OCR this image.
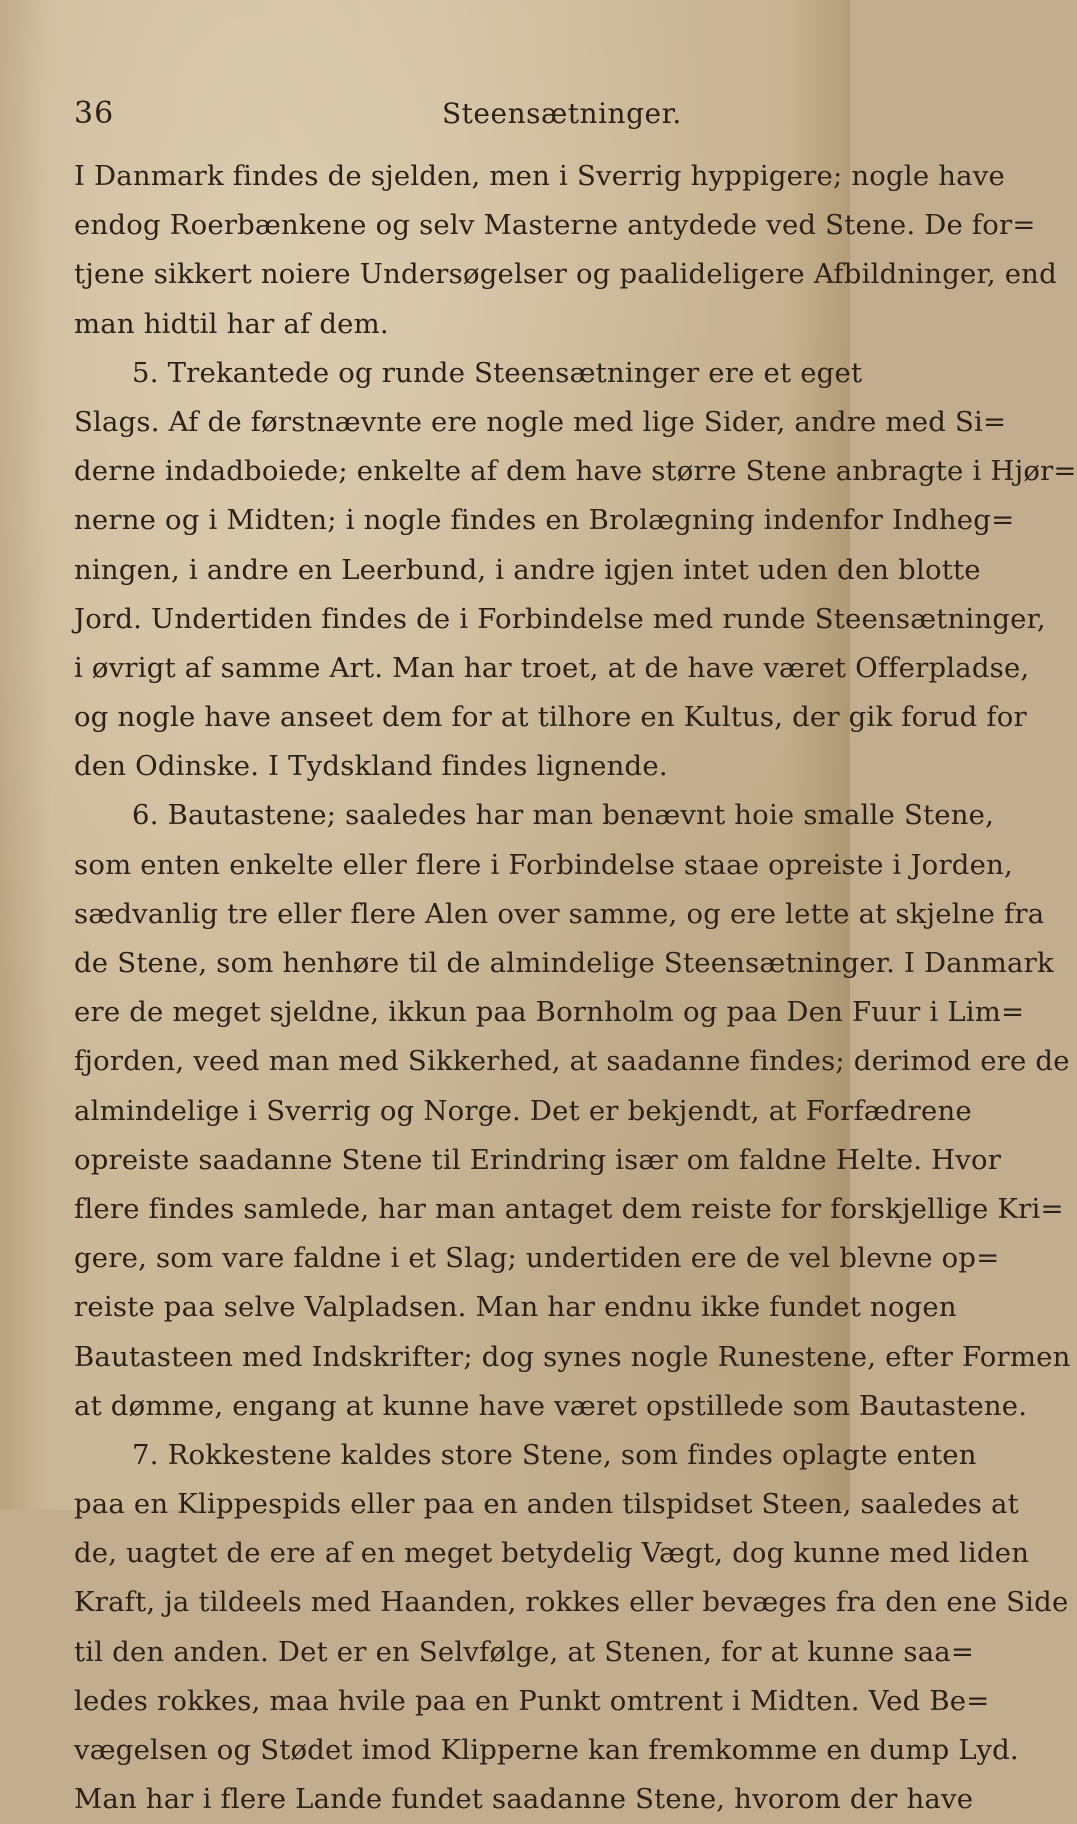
36	Steensætninger.
I Danmark findes de sjelden, men i Sverrig hyppigere; nogle have
endog Roerbænkene og selv Masterne antydede ved Stene. De for=
tjene sikkert noiere Undersøgelser og paalideligere Afbildninger, end
man hidtil har af dem.
5. Trekantede og runde Steensætninger ere et eget
Slags. Af de førstnævnte ere nogle med lige Sider, andre med Si=
derne indadboiede; enkelte af dem have større Stene anbragte i Hjør=
nerne og i Midten; i nogle findes en Brolægning indenfor Indheg=
ningen, i andre en Leerbund, i andre igjen intet uden den blotte
Jord. Undertiden findes de i Forbindelse med runde Steensætninger,
i øvrigt af samme Art. Man har troet, at de have været Offerpladse,
og nogle have anseet dem for at tilhore en Kultus, der gik forud for
den Odinske. I Tydskland findes lignende.
6. Bautastene; saaledes har man benævnt hoie smalle Stene,
som enten enkelte eller flere i Forbindelse staae opreiste i Jorden,
sædvanlig tre eller flere Alen over samme, og ere lette at skjelne fra
de Stene, som henhøre til de almindelige Steensætninger. I Danmark
ere de meget sjeldne, ikkun paa Bornholm og paa Den Fuur i Lim=
fjorden, veed man med Sikkerhed, at saadanne findes; derimod ere de
almindelige i Sverrig og Norge. Det er bekjendt, at Forfædrene
opreiste saadanne Stene til Erindring især om faldne Helte. Hvor
flere findes samlede, har man antaget dem reiste for forskjellige Kri=
gere, som vare faldne i et Slag; undertiden ere de vel blevne op=
reiste paa selve Valpladsen. Man har endnu ikke fundet nogen
Bautasteen med Indskrifter; dog synes nogle Runestene, efter Formen
at dømme, engang at kunne have været opstillede som Bautastene.
7. Rokkestene kaldes store Stene, som findes oplagte enten
paa en Klippespids eller paa en anden tilspidset Steen, saaledes at
de, uagtet de ere af en meget betydelig Vægt, dog kunne med liden
Kraft, ja tildeels med Haanden, rokkes eller bevæges fra den ene Side
til den anden. Det er en Selvfølge, at Stenen, for at kunne saa=
ledes rokkes, maa hvile paa en Punkt omtrent i Midten. Ved Be=
vægelsen og Stødet imod Klipperne kan fremkomme en dump Lyd.
Man har i flere Lande fundet saadanne Stene, hvorom der have
